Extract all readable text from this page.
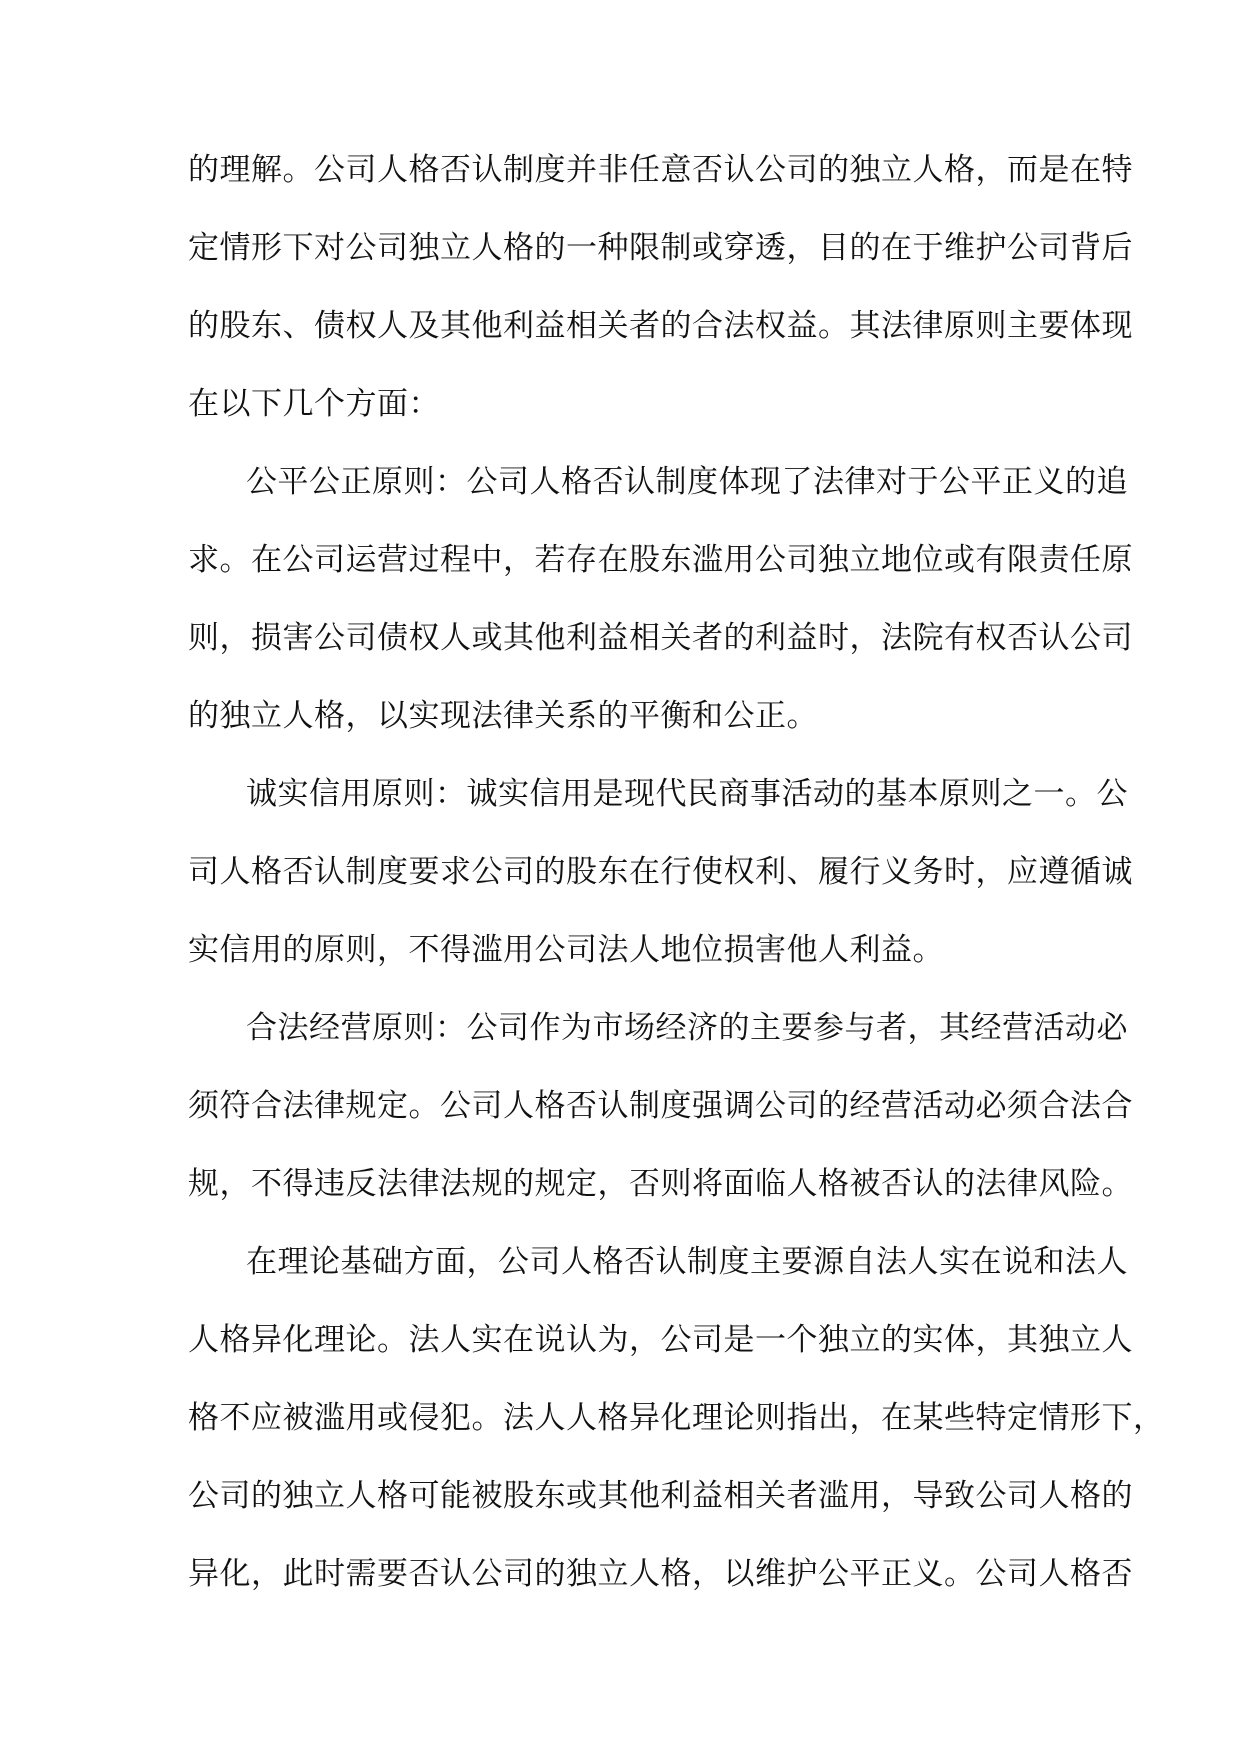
的理解。公司人格否认制度并非任意否认公司的独立人格，而是在特
定情形下对公司独立人格的一种限制或穿透，目的在于维护公司背后
的股东、债权人及其他利益相关者的合法权益。其法律原则主要体现
在以下几个方面：
公平公正原则：公司人格否认制度体现了法律对于公平正义的追
求。在公司运营过程中，若存在股东滥用公司独立地位或有限责任原
则，损害公司债权人或其他利益相关者的利益时，法院有权否认公司
的独立人格，以实现法律关系的平衡和公正。
诚实信用原则：诚实信用是现代民商事活动的基本原则之一。公
司人格否认制度要求公司的股东在行使权利、履行义务时，应遵循诚
实信用的原则，不得滥用公司法人地位损害他人利益。
合法经营原则：公司作为市场经济的主要参与者，其经营活动必
须符合法律规定。公司人格否认制度强调公司的经营活动必须合法合
规，不得违反法律法规的规定，否则将面临人格被否认的法律风险。
在理论基础方面，公司人格否认制度主要源自法人实在说和法人
人格异化理论。法人实在说认为，公司是一个独立的实体，其独立人
格不应被滥用或侵犯。法人人格异化理论则指出，在某些特定情形下，
公司的独立人格可能被股东或其他利益相关者滥用，导致公司人格的
异化，此时需要否认公司的独立人格，以维护公平正义。公司人格否
